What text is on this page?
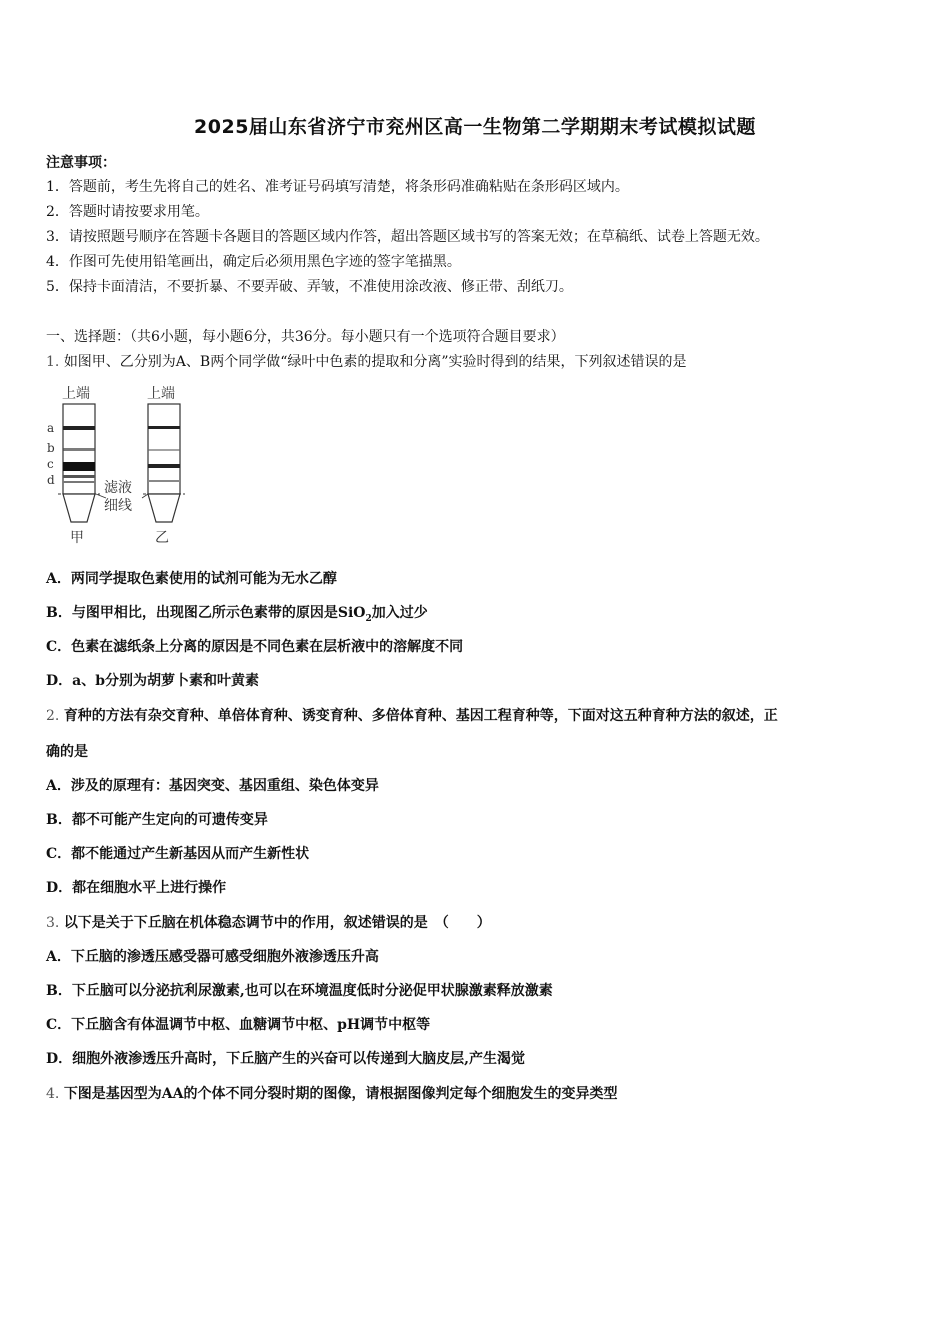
2025届山东省济宁市兖州区高一生物第二学期期末考试模拟试题
注意事项：
1．答题前，考生先将自己的姓名、准考证号码填写清楚，将条形码准确粘贴在条形码区域内。
2．答题时请按要求用笔。
3．请按照题号顺序在答题卡各题目的答题区域内作答，超出答题区域书写的答案无效；在草稿纸、试卷上答题无效。
4．作图可先使用铅笔画出，确定后必须用黑色字迹的签字笔描黑。
5．保持卡面清洁，不要折暴、不要弄破、弄皱，不准使用涂改液、修正带、刮纸刀。
一、选择题：（共6小题，每小题6分，共36分。每小题只有一个选项符合题目要求）
1. 如图甲、乙分别为A、B两个同学做“绿叶中色素的提取和分离”实验时得到的结果，下列叙述错误的是
上端
a
b
c
d
甲
上端
乙
滤液
细线
A．两同学提取色素使用的试剂可能为无水乙醇
B．与图甲相比，出现图乙所示色素带的原因是SiO$_2$加入过少
C．色素在滤纸条上分离的原因是不同色素在层析液中的溶解度不同
D．a、b分别为胡萝卜素和叶黄素
2. 育种的方法有杂交育种、单倍体育种、诱变育种、多倍体育种、基因工程育种等，下面对这五种育种方法的叙述，正
确的是
A．涉及的原理有：基因突变、基因重组、染色体变异
B．都不可能产生定向的可遗传变异
C．都不能通过产生新基因从而产生新性状
D．都在细胞水平上进行操作
3. 以下是关于下丘脑在机体稳态调节中的作用，叙述错误的是　（　　）
A．下丘脑的渗透压感受器可感受细胞外液渗透压升高
B．下丘脑可以分泌抗利尿激素,也可以在环境温度低时分泌促甲状腺激素释放激素
C．下丘脑含有体温调节中枢、血糖调节中枢、pH调节中枢等
D．细胞外液渗透压升高时，下丘脑产生的兴奋可以传递到大脑皮层,产生渴觉
4. 下图是基因型为AA的个体不同分裂时期的图像，请根据图像判定每个细胞发生的变异类型
